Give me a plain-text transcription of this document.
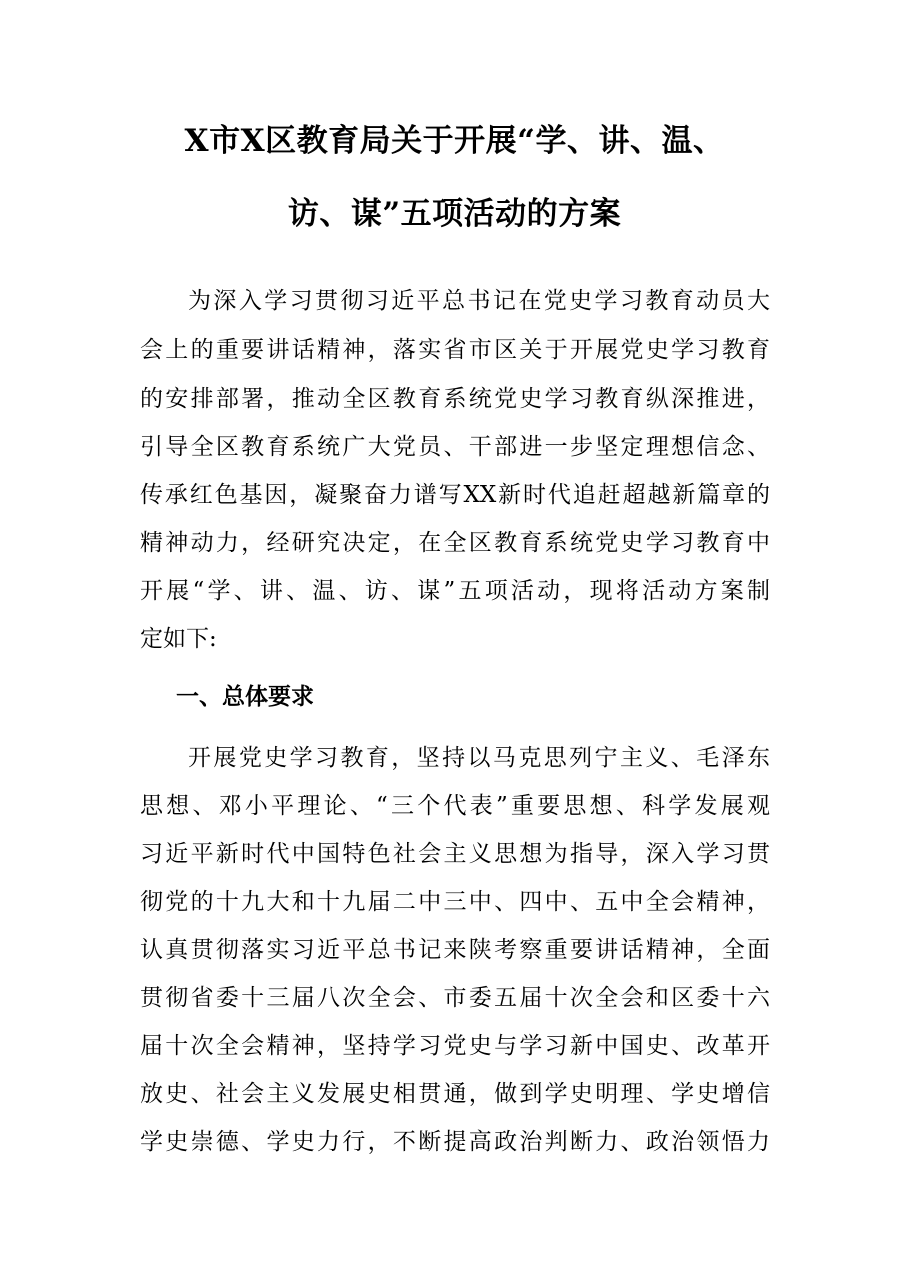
X市X区教育局关于开展“学、讲、温、
访、谋”五项活动的方案
为深入学习贯彻习近平总书记在党史学习教育动员大
会上的重要讲话精神，落实省市区关于开展党史学习教育
的安排部署，推动全区教育系统党史学习教育纵深推进，
引导全区教育系统广大党员、干部进一步坚定理想信念、
传承红色基因，凝聚奋力谱写XX新时代追赶超越新篇章的
精神动力，经研究决定，在全区教育系统党史学习教育中
开展“学、讲、温、访、谋”五项活动，现将活动方案制
定如下:
一、总体要求
开展党史学习教育，坚持以马克思列宁主义、毛泽东
思想、邓小平理论、“三个代表”重要思想、科学发展观
习近平新时代中国特色社会主义思想为指导，深入学习贯
彻党的十九大和十九届二中三中、四中、五中全会精神，
认真贯彻落实习近平总书记来陕考察重要讲话精神，全面
贯彻省委十三届八次全会、市委五届十次全会和区委十六
届十次全会精神，坚持学习党史与学习新中国史、改革开
放史、社会主义发展史相贯通，做到学史明理、学史增信
学史崇德、学史力行，不断提高政治判断力、政治领悟力
